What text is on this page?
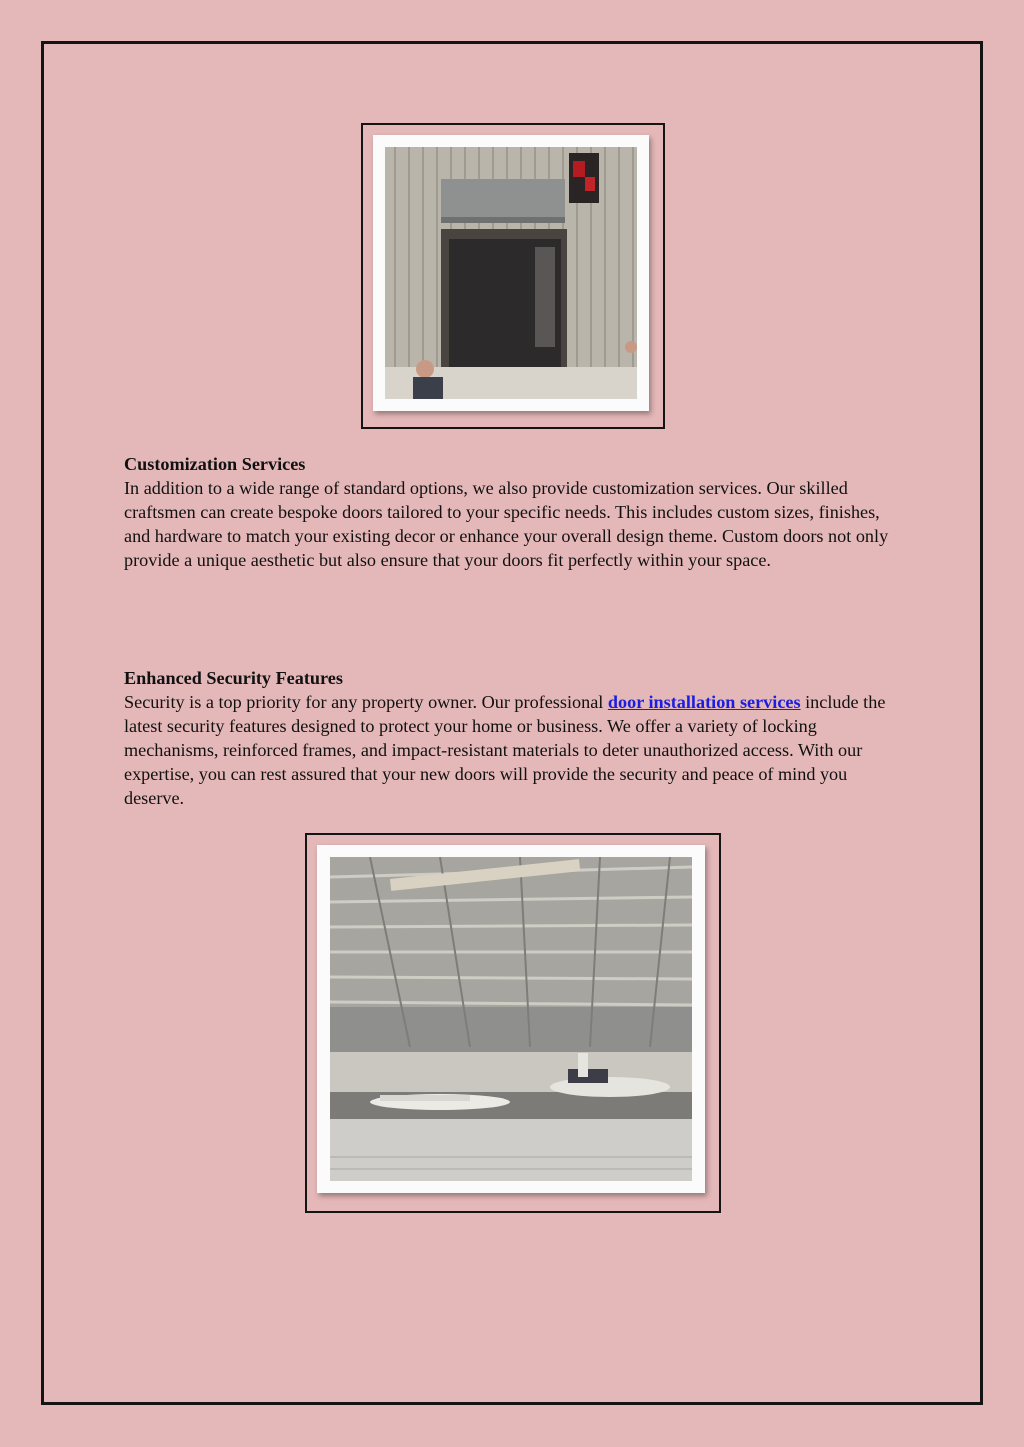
Customization Services
In addition to a wide range of standard options, we also provide customization services. Our skilled craftsmen can create bespoke doors tailored to your specific needs. This includes custom sizes, finishes, and hardware to match your existing decor or enhance your overall design theme. Custom doors not only provide a unique aesthetic but also ensure that your doors fit perfectly within your space.
Enhanced Security Features
Security is a top priority for any property owner. Our professional door installation services include the latest security features designed to protect your home or business. We offer a variety of locking mechanisms, reinforced frames, and impact-resistant materials to deter unauthorized access. With our expertise, you can rest assured that your new doors will provide the security and peace of mind you deserve.
